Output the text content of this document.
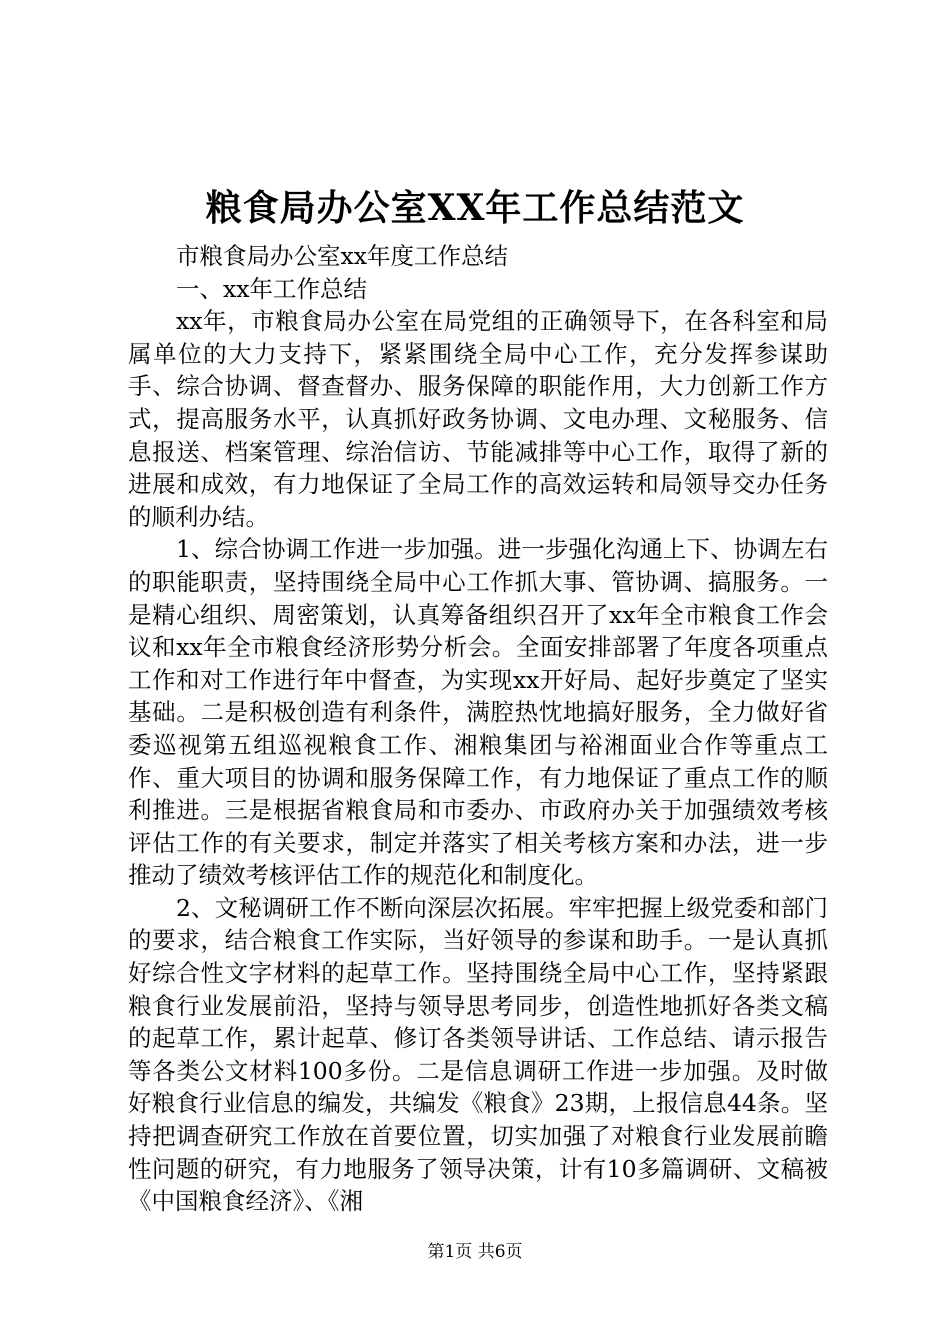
粮食局办公室XX年工作总结范文

市粮食局办公室xx年度工作总结

一、xx年工作总结

xx年，市粮食局办公室在局党组的正确领导下，在各科室和局属单位的大力支持下，紧紧围绕全局中心工作，充分发挥参谋助手、综合协调、督查督办、服务保障的职能作用，大力创新工作方式，提高服务水平，认真抓好政务协调、文电办理、文秘服务、信息报送、档案管理、综治信访、节能减排等中心工作，取得了新的进展和成效，有力地保证了全局工作的高效运转和局领导交办任务的顺利办结。

1、综合协调工作进一步加强。进一步强化沟通上下、协调左右的职能职责，坚持围绕全局中心工作抓大事、管协调、搞服务。一是精心组织、周密策划，认真筹备组织召开了xx年全市粮食工作会议和xx年全市粮食经济形势分析会。全面安排部署了年度各项重点工作和对工作进行年中督查，为实现xx开好局、起好步奠定了坚实基础。二是积极创造有利条件，满腔热忱地搞好服务，全力做好省委巡视第五组巡视粮食工作、湘粮集团与裕湘面业合作等重点工作、重大项目的协调和服务保障工作，有力地保证了重点工作的顺利推进。三是根据省粮食局和市委办、市政府办关于加强绩效考核评估工作的有关要求，制定并落实了相关考核方案和办法，进一步推动了绩效考核评估工作的规范化和制度化。

2、文秘调研工作不断向深层次拓展。牢牢把握上级党委和部门的要求，结合粮食工作实际，当好领导的参谋和助手。一是认真抓好综合性文字材料的起草工作。坚持围绕全局中心工作，坚持紧跟粮食行业发展前沿，坚持与领导思考同步，创造性地抓好各类文稿的起草工作，累计起草、修订各类领导讲话、工作总结、请示报告等各类公文材料100多份。二是信息调研工作进一步加强。及时做好粮食行业信息的编发，共编发《粮食》23期，上报信息44条。坚持把调查研究工作放在首要位置，切实加强了对粮食行业发展前瞻性问题的研究，有力地服务了领导决策，计有10多篇调研、文稿被《中国粮食经济》、《湘

第1页 共6页
